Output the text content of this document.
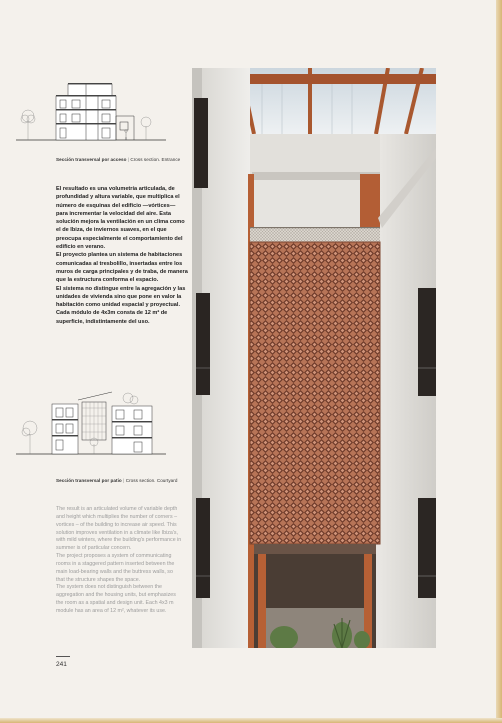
Sección transversal por acceso | Cross section. Entrance

El resultado es una volumetría articulada, de profundidad y altura variable, que multiplica el número de esquinas del edificio —vórtices— para incrementar la velocidad del aire. Esta solución mejora la ventilación en un clima como el de Ibiza, de inviernos suaves, en el que preocupa especialmente el comportamiento del edificio en verano.

El proyecto plantea un sistema de habitaciones comunicadas al tresbolillo, insertadas entre los muros de carga principales y de traba, de manera que la estructura conforma el espacio.

El sistema no distingue entre la agregación y las unidades de vivienda sino que pone en valor la habitación como unidad espacial y proyectual.

Cada módulo de 4x3m consta de 12 m² de superficie, indistintamente del uso.

Sección transversal por patio | Cross section. Courtyard

The result is an articulated volume of variable depth and height which multiplies the number of corners – vortices – of the building to increase air speed. This solution improves ventilation in a climate like Ibiza's, with mild winters, where the building's performance in summer is of particular concern.

The project proposes a system of communicating rooms in a staggered pattern inserted between the main load-bearing walls and the buttress walls, so that the structure shapes the space.

The system does not distinguish between the aggregation and the housing units, but emphasizes the room as a spatial and design unit. Each 4x3 m module has an area of 12 m², whatever its use.

241
